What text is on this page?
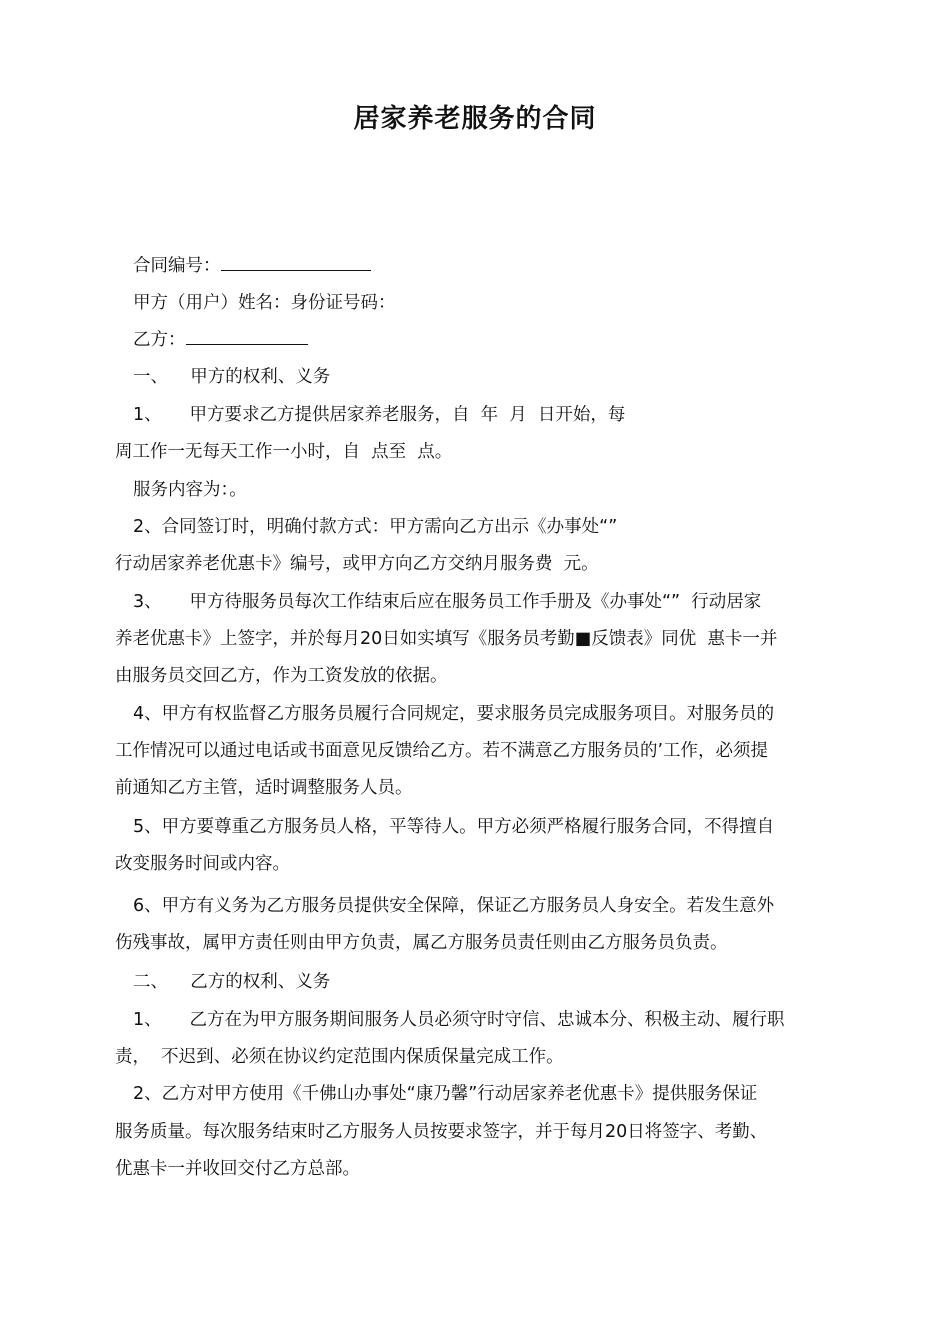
居家养老服务的合同
合同编号：
甲方（用户）姓名：身份证号码：
乙方：
一、    甲方的权利、义务
1、     甲方要求乙方提供居家养老服务，自  年  月  日开始，每
周工作一无每天工作一小时，自  点至  点。
服务内容为：。
2、合同签订时，明确付款方式：甲方需向乙方出示《办事处“”
行动居家养老优惠卡》编号，或甲方向乙方交纳月服务费  元。
3、     甲方待服务员每次工作结束后应在服务员工作手册及《办事处“”  行动居家
养老优惠卡》上签字，并於每月20日如实填写《服务员考勤■反馈表》同优  惠卡一并
由服务员交回乙方，作为工资发放的依据。
4、甲方有权监督乙方服务员履行合同规定，要求服务员完成服务项目。对服务员的
工作情况可以通过电话或书面意见反馈给乙方。若不满意乙方服务员的’工作，必须提
前通知乙方主管，适时调整服务人员。
5、甲方要尊重乙方服务员人格，平等待人。甲方必须严格履行服务合同，不得擅自
改变服务时间或内容。
6、甲方有义务为乙方服务员提供安全保障，保证乙方服务员人身安全。若发生意外
伤残事故，属甲方责任则由甲方负责，属乙方服务员责任则由乙方服务员负责。
二、    乙方的权利、义务
1、     乙方在为甲方服务期间服务人员必须守时守信、忠诚本分、积极主动、履行职
责，  不迟到、必须在协议约定范围内保质保量完成工作。
2、乙方对甲方使用《千佛山办事处“康乃馨”行动居家养老优惠卡》提供服务保证
服务质量。每次服务结束时乙方服务人员按要求签字，并于每月20日将签字、考勤、
优惠卡一并收回交付乙方总部。
